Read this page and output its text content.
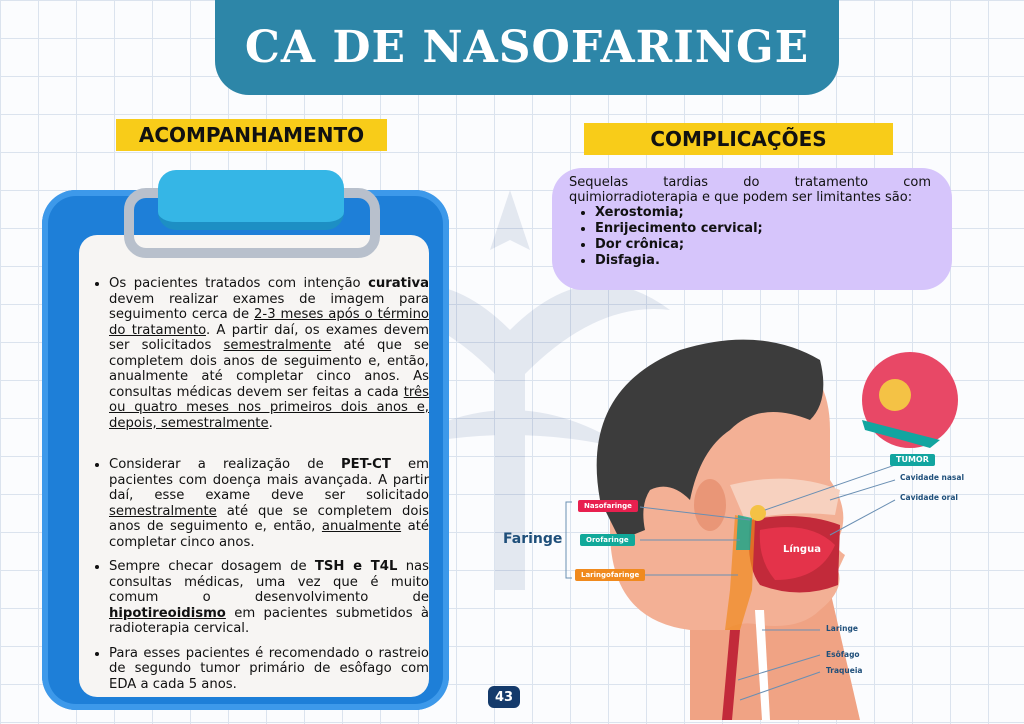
CA DE NASOFARINGE
ACOMPANHAMENTO	COMPLICAÇÕES
• Os pacientes tratados com intenção curativa devem realizar exames de imagem para seguimento cerca de 2-3 meses após o término do tratamento. A partir daí, os exames devem ser solicitados semestralmente até que se completem dois anos de seguimento e, então, anualmente até completar cinco anos. As consultas médicas devem ser feitas a cada três ou quatro meses nos primeiros dois anos e, depois, semestralmente.
• Considerar a realização de PET-CT em pacientes com doença mais avançada. A partir daí, esse exame deve ser solicitado semestralmente até que se completem dois anos de seguimento e, então, anualmente até completar cinco anos.
• Sempre checar dosagem de TSH e T4L nas consultas médicas, uma vez que é muito comum o desenvolvimento de hipotireoidismo em pacientes submetidos à radioterapia cervical.
• Para esses pacientes é recomendado o rastreio de segundo tumor primário de esôfago com EDA a cada 5 anos.
Sequelas tardias do tratamento com quimiorradioterapia e que podem ser limitantes são:
• Xerostomia;
• Enrijecimento cervical;
• Dor crônica;
• Disfagia.
Nasofaringe
Orofaringe
Laringofaringe
Faringe
TUMOR
Cavidade nasal
Cavidade oral
Língua
Laringe
Esôfago
Traqueia
43
